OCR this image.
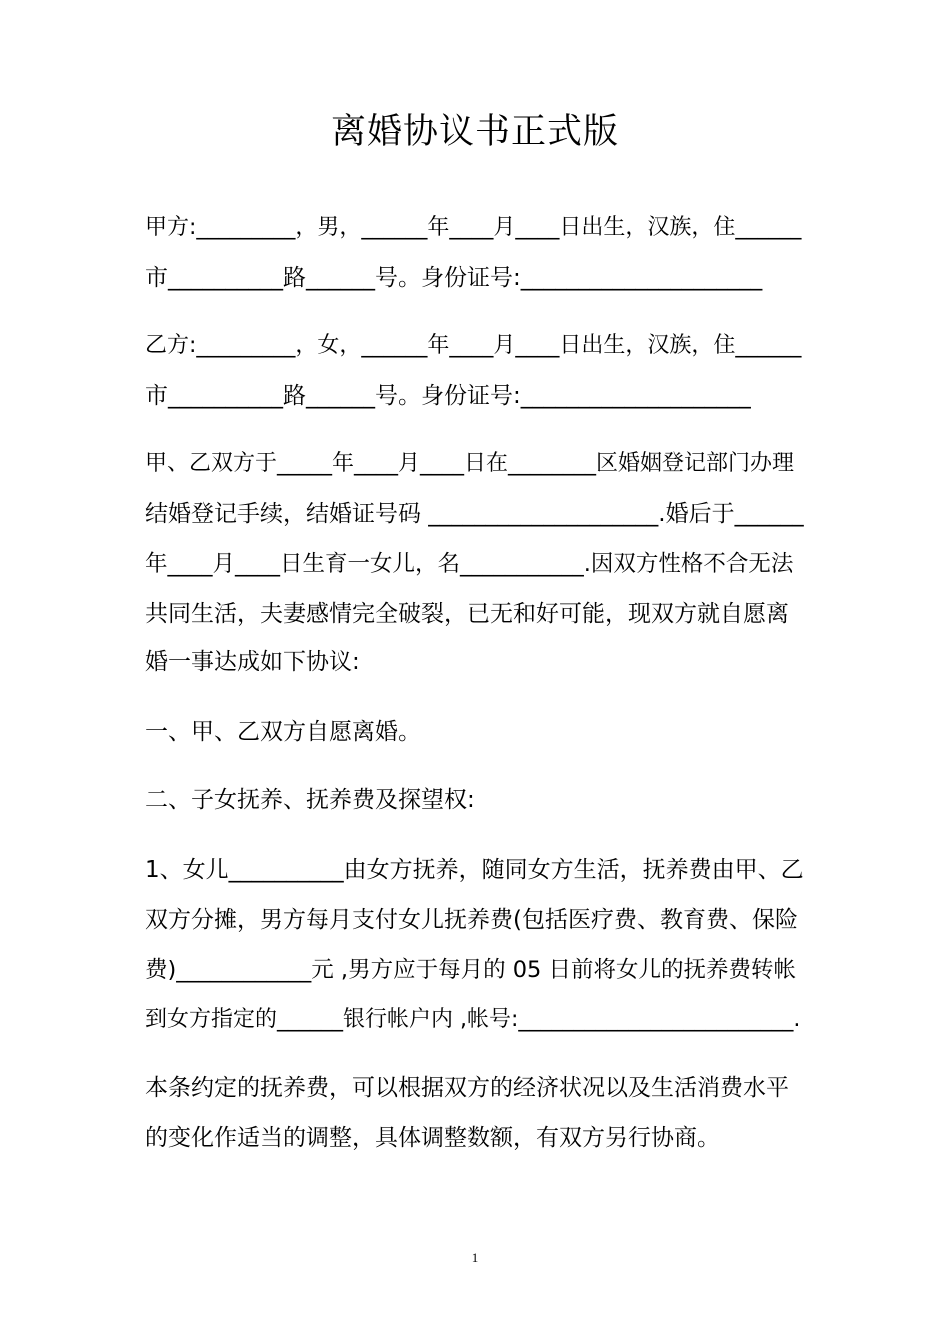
离婚协议书正式版
甲方:_________，男，______年____月____日出生，汉族，住______
市__________路______号。身份证号:_____________________
乙方:_________，女，______年____月____日出生，汉族，住______
市__________路______号。身份证号:____________________
甲、乙双方于_____年____月____日在________区婚姻登记部门办理
结婚登记手续，结婚证号码 ____________________.婚后于______
年____月____日生育一女儿，名___________.因双方性格不合无法
共同生活，夫妻感情完全破裂，已无和好可能，现双方就自愿离
婚一事达成如下协议:
一、甲、乙双方自愿离婚。
二、子女抚养、抚养费及探望权:
1、女儿__________由女方抚养，随同女方生活，抚养费由甲、乙
双方分摊，男方每月支付女儿抚养费(包括医疗费、教育费、保险
费)____________元 ,男方应于每月的 05 日前将女儿的抚养费转帐
到女方指定的______银行帐户内 ,帐号:_________________________.
本条约定的抚养费，可以根据双方的经济状况以及生活消费水平
的变化作适当的调整，具体调整数额，有双方另行协商。
1
